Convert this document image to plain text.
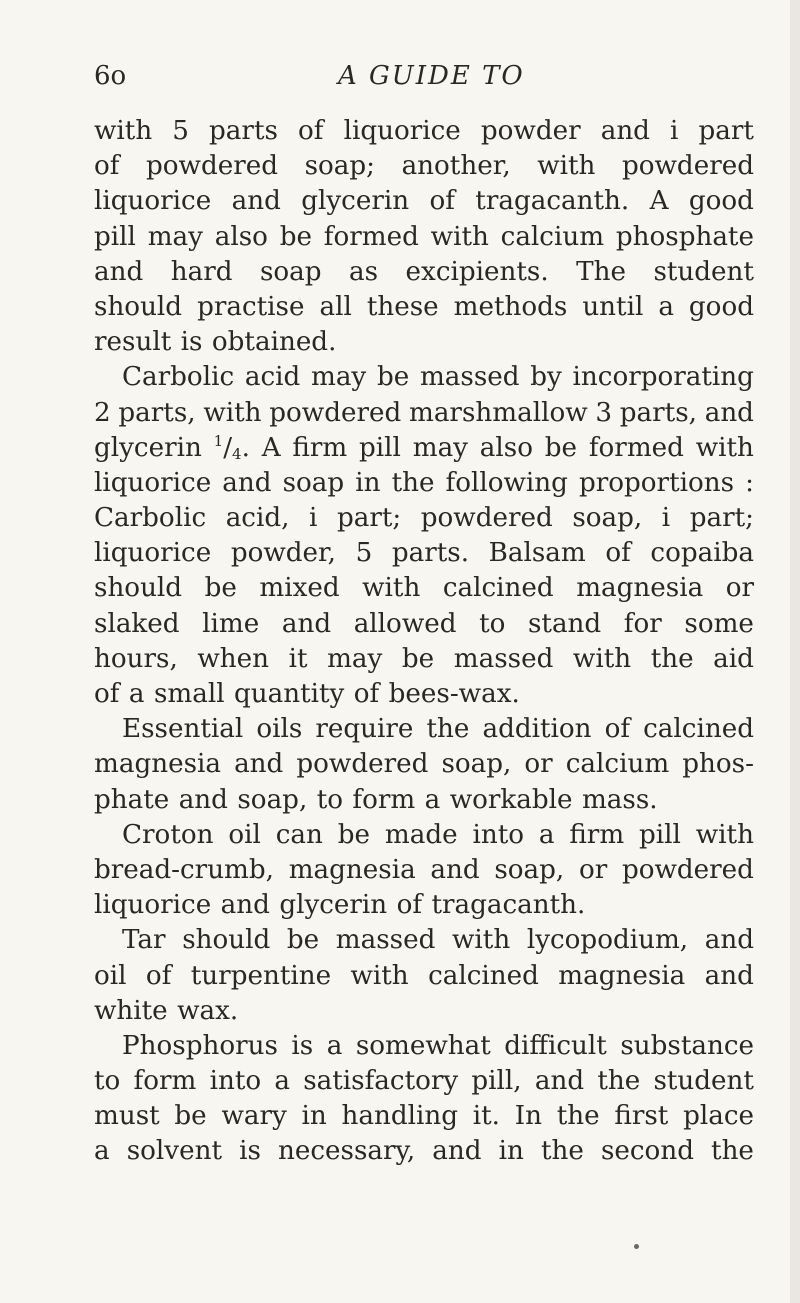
6o	A GUIDE TO
with 5 parts of liquorice powder and i part
of powdered soap; another, with powdered
liquorice and glycerin of tragacanth. A good
pill may also be formed with calcium phosphate
and hard soap as excipients. The student
should practise all these methods until a good
result is obtained.
Carbolic acid may be massed by incorporating
2 parts, with powdered marshmallow 3 parts, and
glycerin $^1/_4$. A firm pill may also be formed with
liquorice and soap in the following proportions :
Carbolic acid, i part; powdered soap, i part;
liquorice powder, 5 parts. Balsam of copaiba
should be mixed with calcined magnesia or
slaked lime and allowed to stand for some
hours, when it may be massed with the aid
of a small quantity of bees-wax.
Essential oils require the addition of calcined
magnesia and powdered soap, or calcium phos-
phate and soap, to form a workable mass.
Croton oil can be made into a firm pill with
bread-crumb, magnesia and soap, or powdered
liquorice and glycerin of tragacanth.
Tar should be massed with lycopodium, and
oil of turpentine with calcined magnesia and
white wax.
Phosphorus is a somewhat difficult substance
to form into a satisfactory pill, and the student
must be wary in handling it. In the first place
a solvent is necessary, and in the second the
